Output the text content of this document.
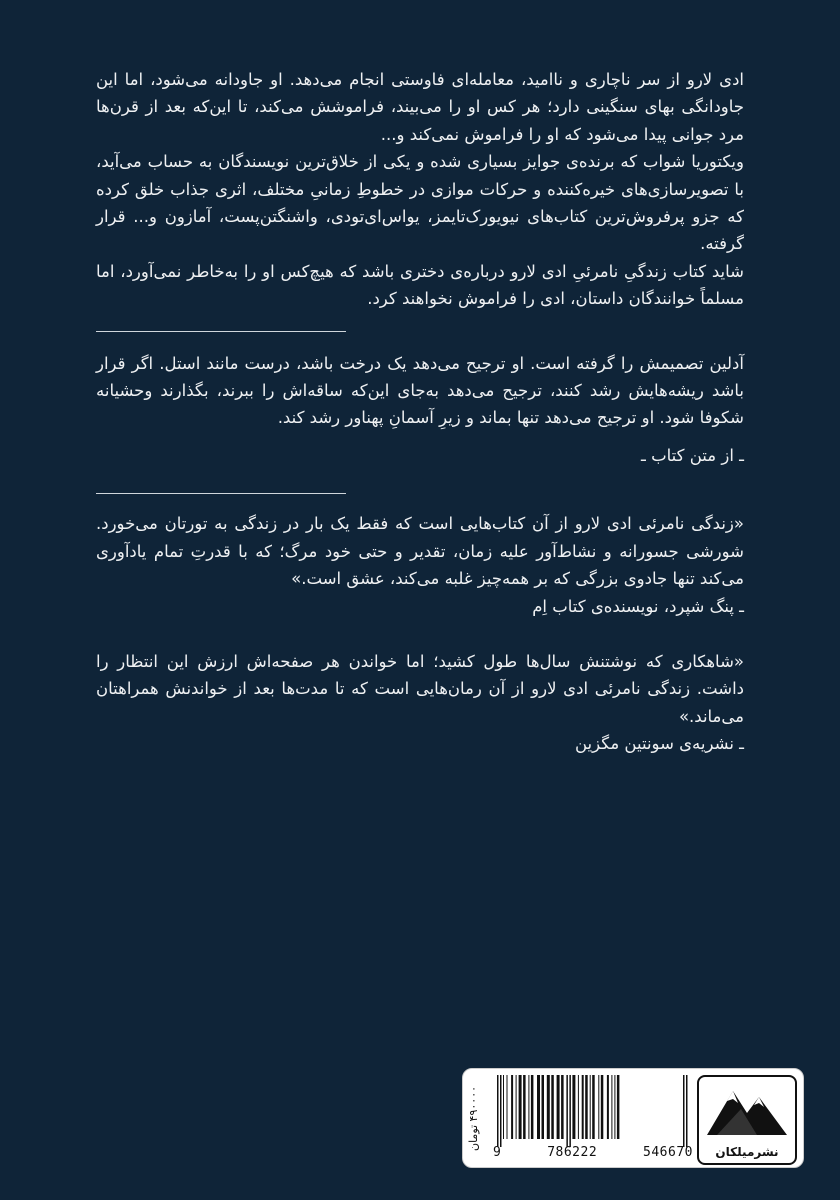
ادی لارو از سر ناچاری و ناامید، معامله‌ای فاوستی انجام می‌دهد. او جاودانه می‌شود، اما این جاودانگی بهای سنگینی دارد؛ هر کس او را می‌بیند، فراموشش می‌کند، تا این‌که بعد از قرن‌ها مرد جوانی پیدا می‌شود که او را فراموش نمی‌کند و...

ویکتوریا شواب که برنده‌ی جوایز بسیاری شده و یکی از خلاق‌ترین نویسندگان به حساب می‌آید، با تصویرسازی‌های خیره‌کننده و حرکات موازی در خطوطِ زمانیِ مختلف، اثری جذاب خلق کرده که جزو پرفروش‌ترین کتاب‌های نیویورک‌تایمز، یواس‌ای‌تودی، واشنگتن‌پست، آمازون و... قرار گرفته.

شاید کتاب زندگیِ نامرئیِ ادی لارو درباره‌ی دختری باشد که هیچ‌کس او را به‌خاطر نمی‌آورد، اما مسلماً خوانندگان داستان، ادی را فراموش نخواهند کرد.

آدلین تصمیمش را گرفته است. او ترجیح می‌دهد یک درخت باشد، درست مانند استل. اگر قرار باشد ریشه‌هایش رشد کنند، ترجیح می‌دهد به‌جای این‌که ساقه‌اش را ببرند، بگذارند وحشیانه شکوفا شود. او ترجیح می‌دهد تنها بماند و زیرِ آسمانِ پهناور رشد کند.

ـ از متن کتاب ـ

«زندگی نامرئی ادی لارو از آن کتاب‌هایی است که فقط یک بار در زندگی به تورتان می‌خورد. شورشی جسورانه و نشاط‌آور علیه زمان، تقدیر و حتی خود مرگ؛ که با قدرتِ تمام یادآوری می‌کند تنها جادوی بزرگی که بر همه‌چیز غلبه می‌کند، عشق است.»

ـ پنگ شپرد، نویسنده‌ی کتاب اِم

«شاهکاری که نوشتنش سال‌ها طول کشید؛ اما خواندن هر صفحه‌اش ارزش این انتظار را داشت. زندگی نامرئی ادی لارو از آن رمان‌هایی است که تا مدت‌ها بعد از خواندنش همراهتان می‌ماند.»

ـ نشریه‌ی سونتین مگزین

۴۹۰۰۰۰ تومان
9	786222	546670	نشرمیلکان
